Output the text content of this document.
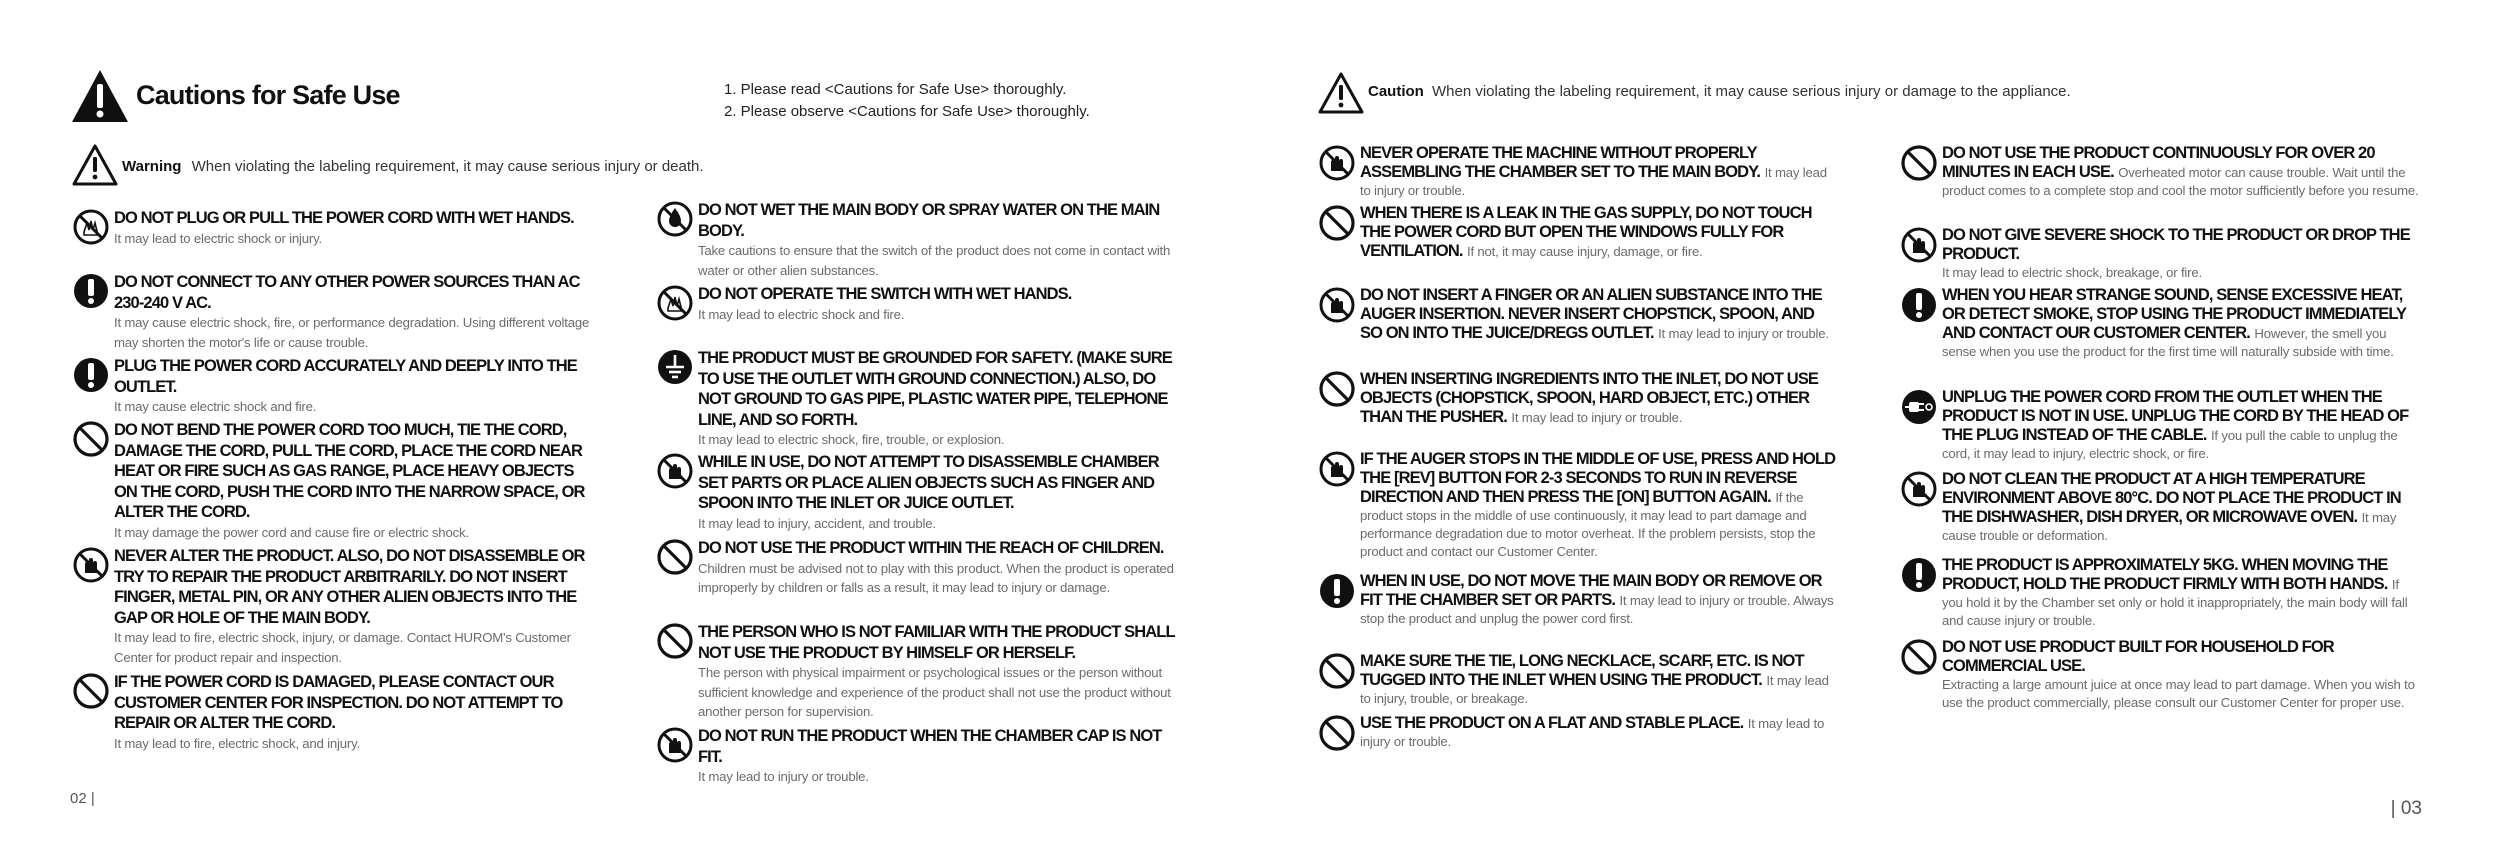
Cautions for Safe Use	1. Please read <Cautions for Safe Use> thoroughly.
2. Please observe <Cautions for Safe Use> thoroughly.
Warning When violating the labeling requirement, it may cause serious injury or death.
DO NOT PLUG OR PULL THE POWER CORD WITH WET HANDS.
It may lead to electric shock or injury.
DO NOT CONNECT TO ANY OTHER POWER SOURCES THAN AC 230-240 V AC.
It may cause electric shock, fire, or performance degradation. Using different voltage may shorten the motor's life or cause trouble.
PLUG THE POWER CORD ACCURATELY AND DEEPLY INTO THE OUTLET.
It may cause electric shock and fire.
DO NOT BEND THE POWER CORD TOO MUCH, TIE THE CORD, DAMAGE THE CORD, PULL THE CORD, PLACE THE CORD NEAR HEAT OR FIRE SUCH AS GAS RANGE, PLACE HEAVY OBJECTS ON THE CORD, PUSH THE CORD INTO THE NARROW SPACE, OR ALTER THE CORD.
It may damage the power cord and cause fire or electric shock.
NEVER ALTER THE PRODUCT. ALSO, DO NOT DISASSEMBLE OR TRY TO REPAIR THE PRODUCT ARBITRARILY. DO NOT INSERT FINGER, METAL PIN, OR ANY OTHER ALIEN OBJECTS INTO THE GAP OR HOLE OF THE MAIN BODY.
It may lead to fire, electric shock, injury, or damage. Contact HUROM's Customer Center for product repair and inspection.
IF THE POWER CORD IS DAMAGED, PLEASE CONTACT OUR CUSTOMER CENTER FOR INSPECTION. DO NOT ATTEMPT TO REPAIR OR ALTER THE CORD.
It may lead to fire, electric shock, and injury.
DO NOT WET THE MAIN BODY OR SPRAY WATER ON THE MAIN BODY.
Take cautions to ensure that the switch of the product does not come in contact with water or other alien substances.
DO NOT OPERATE THE SWITCH WITH WET HANDS.
It may lead to electric shock and fire.
THE PRODUCT MUST BE GROUNDED FOR SAFETY. (MAKE SURE TO USE THE OUTLET WITH GROUND CONNECTION.) ALSO, DO NOT GROUND TO GAS PIPE, PLASTIC WATER PIPE, TELEPHONE LINE, AND SO FORTH.
It may lead to electric shock, fire, trouble, or explosion.
WHILE IN USE, DO NOT ATTEMPT TO DISASSEMBLE CHAMBER SET PARTS OR PLACE ALIEN OBJECTS SUCH AS FINGER AND SPOON INTO THE INLET OR JUICE OUTLET.
It may lead to injury, accident, and trouble.
DO NOT USE THE PRODUCT WITHIN THE REACH OF CHILDREN.
Children must be advised not to play with this product. When the product is operated improperly by children or falls as a result, it may lead to injury or damage.
THE PERSON WHO IS NOT FAMILIAR WITH THE PRODUCT SHALL NOT USE THE PRODUCT BY HIMSELF OR HERSELF.
The person with physical impairment or psychological issues or the person without sufficient knowledge and experience of the product shall not use the product without another person for supervision.
DO NOT RUN THE PRODUCT WHEN THE CHAMBER CAP IS NOT FIT.
It may lead to injury or trouble.
02 |
Caution When violating the labeling requirement, it may cause serious injury or damage to the appliance.
NEVER OPERATE THE MACHINE WITHOUT PROPERLY ASSEMBLING THE CHAMBER SET TO THE MAIN BODY. It may lead to injury or trouble.
WHEN THERE IS A LEAK IN THE GAS SUPPLY, DO NOT TOUCH THE POWER CORD BUT OPEN THE WINDOWS FULLY FOR VENTILATION. If not, it may cause injury, damage, or fire.
DO NOT INSERT A FINGER OR AN ALIEN SUBSTANCE INTO THE AUGER INSERTION. NEVER INSERT CHOPSTICK, SPOON, AND SO ON INTO THE JUICE/DREGS OUTLET. It may lead to injury or trouble.
WHEN INSERTING INGREDIENTS INTO THE INLET, DO NOT USE OBJECTS (CHOPSTICK, SPOON, HARD OBJECT, ETC.) OTHER THAN THE PUSHER. It may lead to injury or trouble.
IF THE AUGER STOPS IN THE MIDDLE OF USE, PRESS AND HOLD THE [REV] BUTTON FOR 2-3 SECONDS TO RUN IN REVERSE DIRECTION AND THEN PRESS THE [ON] BUTTON AGAIN. If the product stops in the middle of use continuously, it may lead to part damage and performance degradation due to motor overheat. If the problem persists, stop the product and contact our Customer Center.
WHEN IN USE, DO NOT MOVE THE MAIN BODY OR REMOVE OR FIT THE CHAMBER SET OR PARTS. It may lead to injury or trouble. Always stop the product and unplug the power cord first.
MAKE SURE THE TIE, LONG NECKLACE, SCARF, ETC. IS NOT TUGGED INTO THE INLET WHEN USING THE PRODUCT. It may lead to injury, trouble, or breakage.
USE THE PRODUCT ON A FLAT AND STABLE PLACE. It may lead to injury or trouble.
DO NOT USE THE PRODUCT CONTINUOUSLY FOR OVER 20 MINUTES IN EACH USE. Overheated motor can cause trouble. Wait until the product comes to a complete stop and cool the motor sufficiently before you resume.
DO NOT GIVE SEVERE SHOCK TO THE PRODUCT OR DROP THE PRODUCT.
It may lead to electric shock, breakage, or fire.
WHEN YOU HEAR STRANGE SOUND, SENSE EXCESSIVE HEAT, OR DETECT SMOKE, STOP USING THE PRODUCT IMMEDIATELY AND CONTACT OUR CUSTOMER CENTER. However, the smell you sense when you use the product for the first time will naturally subside with time.
UNPLUG THE POWER CORD FROM THE OUTLET WHEN THE PRODUCT IS NOT IN USE. UNPLUG THE CORD BY THE HEAD OF THE PLUG INSTEAD OF THE CABLE. If you pull the cable to unplug the cord, it may lead to injury, electric shock, or fire.
DO NOT CLEAN THE PRODUCT AT A HIGH TEMPERATURE ENVIRONMENT ABOVE 80°C. DO NOT PLACE THE PRODUCT IN THE DISHWASHER, DISH DRYER, OR MICROWAVE OVEN. It may cause trouble or deformation.
THE PRODUCT IS APPROXIMATELY 5KG. WHEN MOVING THE PRODUCT, HOLD THE PRODUCT FIRMLY WITH BOTH HANDS. If you hold it by the Chamber set only or hold it inappropriately, the main body will fall and cause injury or trouble.
DO NOT USE PRODUCT BUILT FOR HOUSEHOLD FOR COMMERCIAL USE.
Extracting a large amount juice at once may lead to part damage. When you wish to use the product commercially, please consult our Customer Center for proper use.
| 03
